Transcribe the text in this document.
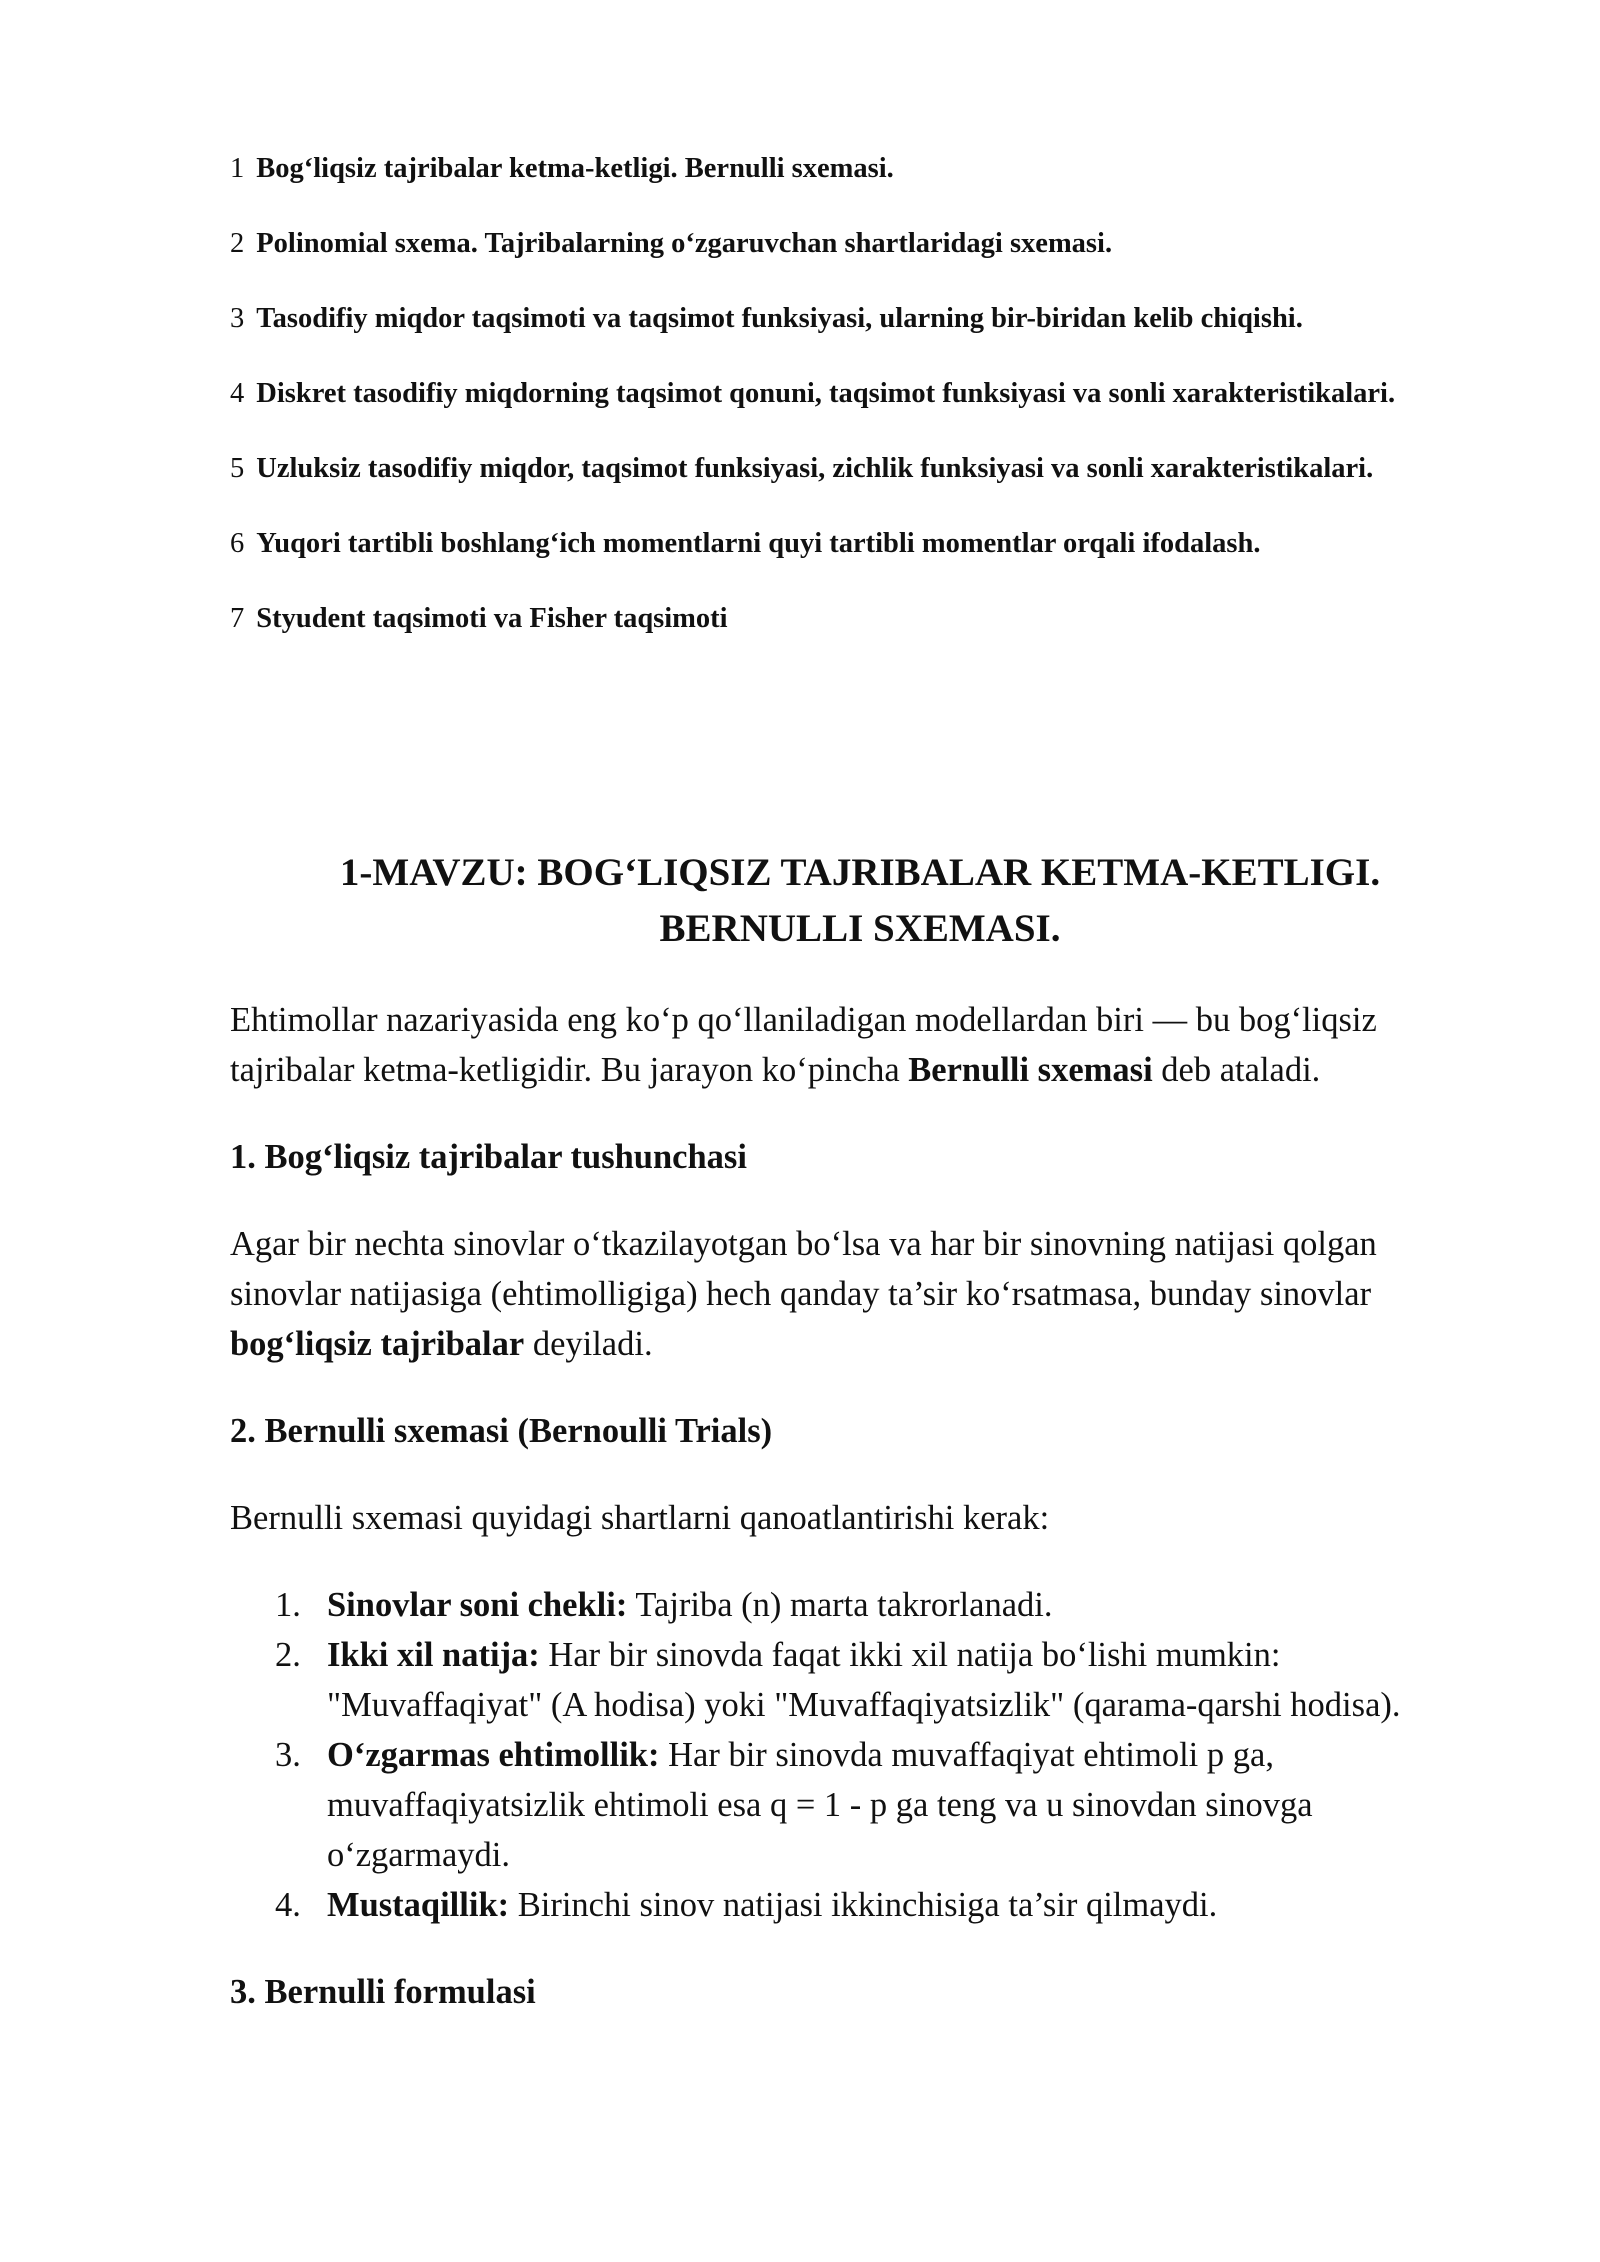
1 Bog‘liqsiz tajribalar ketma-ketligi. Bernulli sxemasi.
2 Polinomial sxema. Tajribalarning o‘zgaruvchan shartlaridagi sxemasi.
3 Tasodifiy miqdor taqsimoti va taqsimot funksiyasi, ularning bir-biridan kelib chiqishi.
4 Diskret tasodifiy miqdorning taqsimot qonuni, taqsimot funksiyasi va sonli xarakteristikalari.
5 Uzluksiz tasodifiy miqdor, taqsimot funksiyasi, zichlik funksiyasi va sonli xarakteristikalari.
6 Yuqori tartibli boshlang‘ich momentlarni quyi tartibli momentlar orqali ifodalash.
7 Styudent taqsimoti va Fisher taqsimoti
1-MAVZU: BOG‘LIQSIZ TAJRIBALAR KETMA-KETLIGI.
BERNULLI SXEMASI.

Ehtimollar nazariyasida eng ko‘p qo‘llaniladigan modellardan biri — bu bog‘liqsiz tajribalar ketma-ketligidir. Bu jarayon ko‘pincha Bernulli sxemasi deb ataladi.

1. Bog‘liqsiz tajribalar tushunchasi

Agar bir nechta sinovlar o‘tkazilayotgan bo‘lsa va har bir sinovning natijasi qolgan sinovlar natijasiga (ehtimolligiga) hech qanday ta’sir ko‘rsatmasa, bunday sinovlar bog‘liqsiz tajribalar deyiladi.

2. Bernulli sxemasi (Bernoulli Trials)

Bernulli sxemasi quyidagi shartlarni qanoatlantirishi kerak:

1. Sinovlar soni chekli: Tajriba (n) marta takrorlanadi.
2. Ikki xil natija: Har bir sinovda faqat ikki xil natija bo‘lishi mumkin: "Muvaffaqiyat" (A hodisa) yoki "Muvaffaqiyatsizlik" (qarama-qarshi hodisa).
3. O‘zgarmas ehtimollik: Har bir sinovda muvaffaqiyat ehtimoli p ga, muvaffaqiyatsizlik ehtimoli esa q = 1 - p ga teng va u sinovdan sinovga o‘zgarmaydi.
4. Mustaqillik: Birinchi sinov natijasi ikkinchisiga ta’sir qilmaydi.

3. Bernulli formulasi
